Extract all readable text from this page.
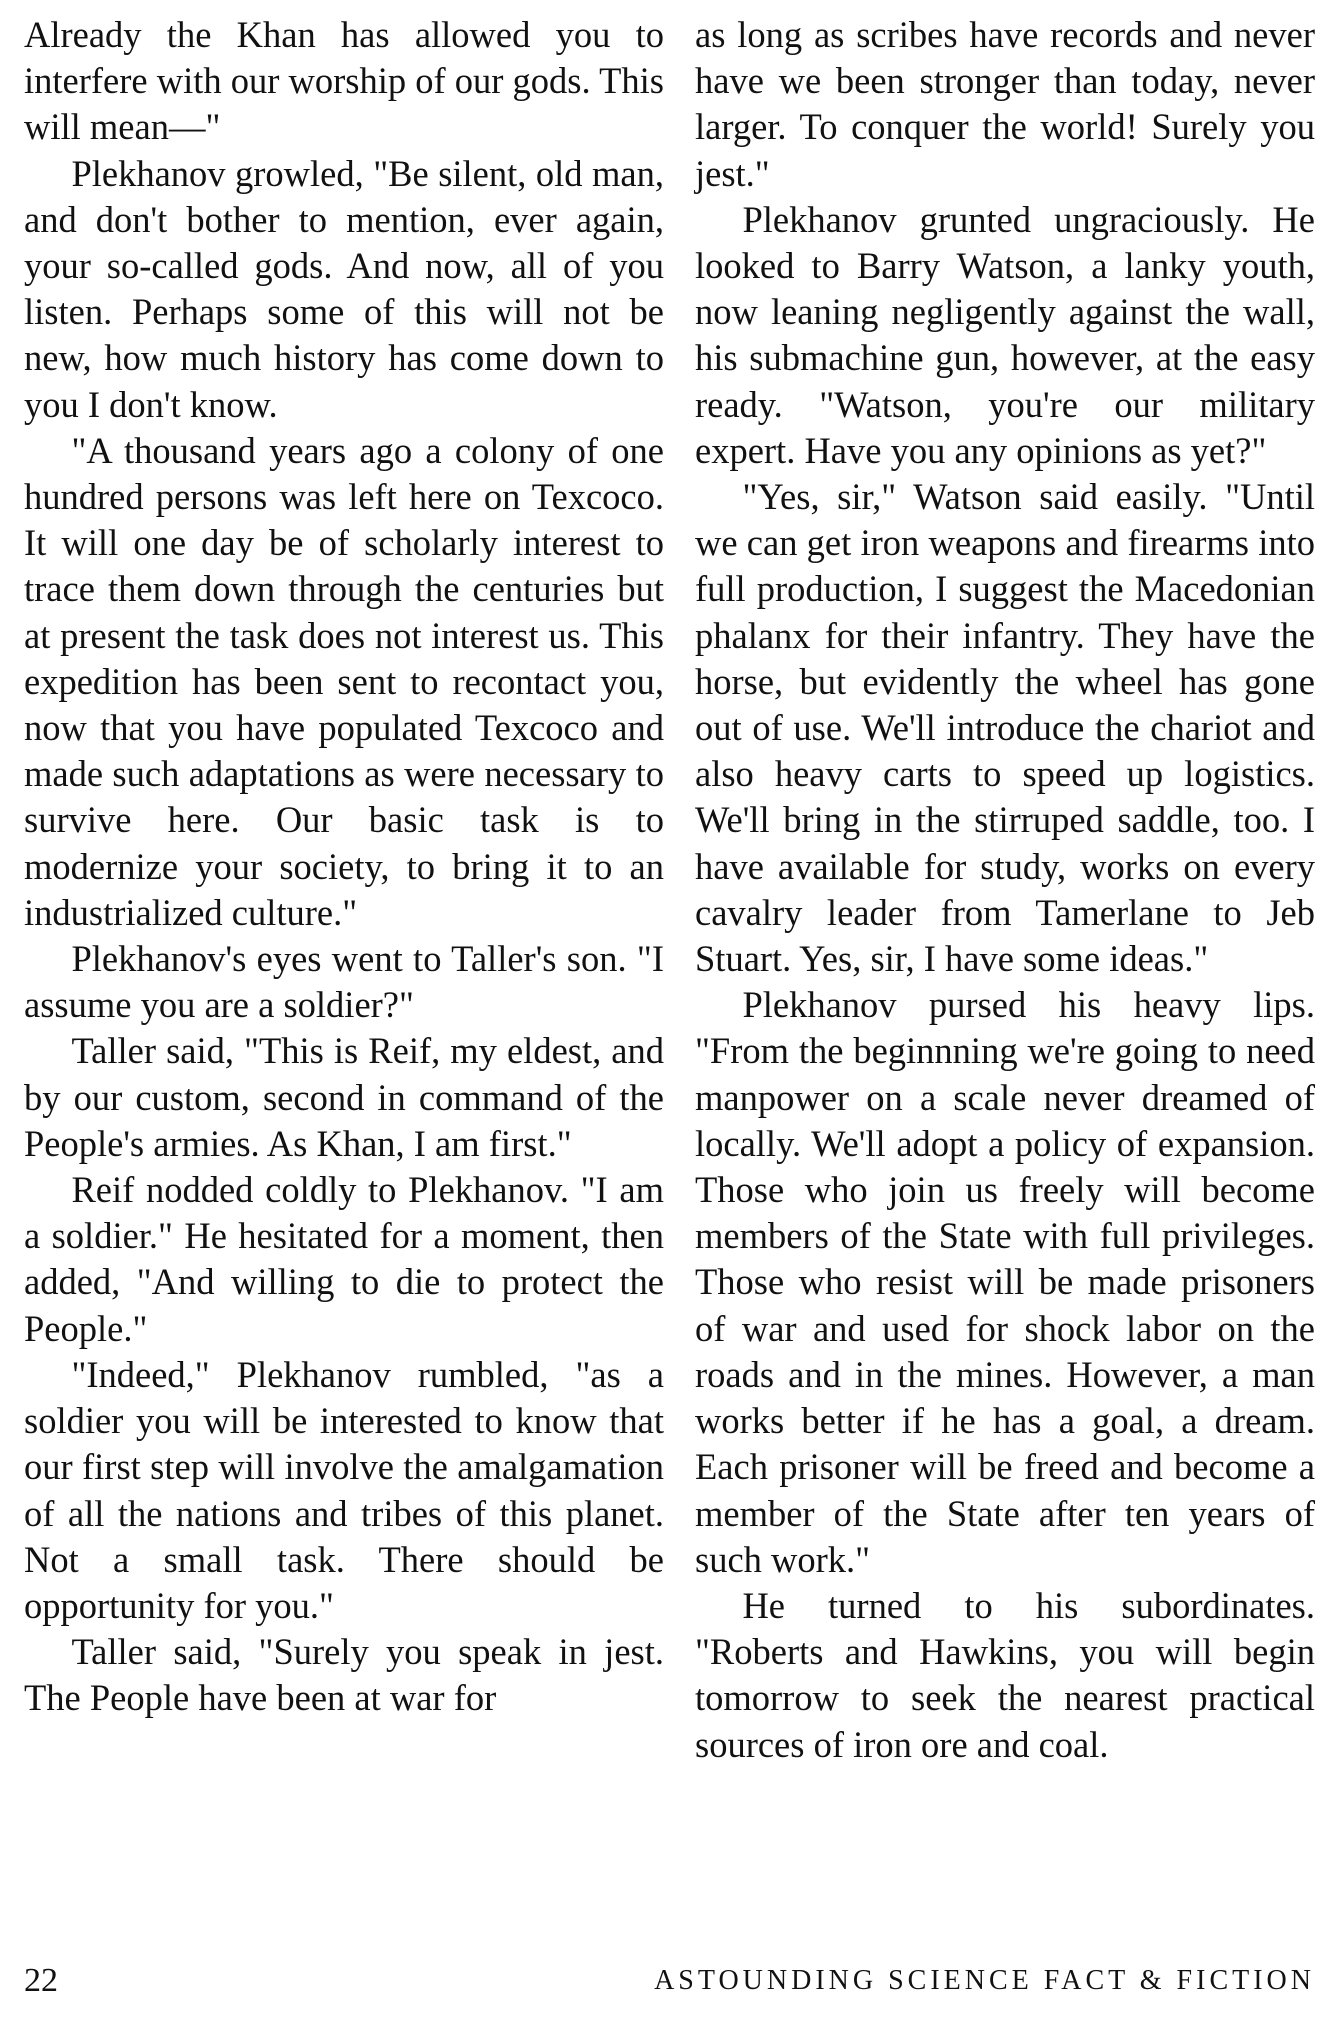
Already the Khan has allowed you to interfere with our worship of our gods. This will mean—"

Plekhanov growled, "Be silent, old man, and don't bother to mention, ever again, your so-called gods. And now, all of you listen. Perhaps some of this will not be new, how much history has come down to you I don't know.

"A thousand years ago a colony of one hundred persons was left here on Texcoco. It will one day be of scholarly interest to trace them down through the centuries but at present the task does not interest us. This expedition has been sent to recontact you, now that you have populated Texcoco and made such adaptations as were necessary to survive here. Our basic task is to modernize your society, to bring it to an industrialized culture."

Plekhanov's eyes went to Taller's son. "I assume you are a soldier?"

Taller said, "This is Reif, my eldest, and by our custom, second in command of the People's armies. As Khan, I am first."

Reif nodded coldly to Plekhanov. "I am a soldier." He hesitated for a moment, then added, "And willing to die to protect the People."

"Indeed," Plekhanov rumbled, "as a soldier you will be interested to know that our first step will involve the amalgamation of all the nations and tribes of this planet. Not a small task. There should be opportunity for you."

Taller said, "Surely you speak in jest. The People have been at war for

as long as scribes have records and never have we been stronger than today, never larger. To conquer the world! Surely you jest."

Plekhanov grunted ungraciously. He looked to Barry Watson, a lanky youth, now leaning negligently against the wall, his submachine gun, however, at the easy ready. "Watson, you're our military expert. Have you any opinions as yet?"

"Yes, sir," Watson said easily. "Until we can get iron weapons and firearms into full production, I suggest the Macedonian phalanx for their infantry. They have the horse, but evidently the wheel has gone out of use. We'll introduce the chariot and also heavy carts to speed up logistics. We'll bring in the stirruped saddle, too. I have available for study, works on every cavalry leader from Tamerlane to Jeb Stuart. Yes, sir, I have some ideas."

Plekhanov pursed his heavy lips. "From the beginnning we're going to need manpower on a scale never dreamed of locally. We'll adopt a policy of expansion. Those who join us freely will become members of the State with full privileges. Those who resist will be made prisoners of war and used for shock labor on the roads and in the mines. However, a man works better if he has a goal, a dream. Each prisoner will be freed and become a member of the State after ten years of such work."

He turned to his subordinates. "Roberts and Hawkins, you will begin tomorrow to seek the nearest practical sources of iron ore and coal.

22	ASTOUNDING SCIENCE FACT & FICTION
